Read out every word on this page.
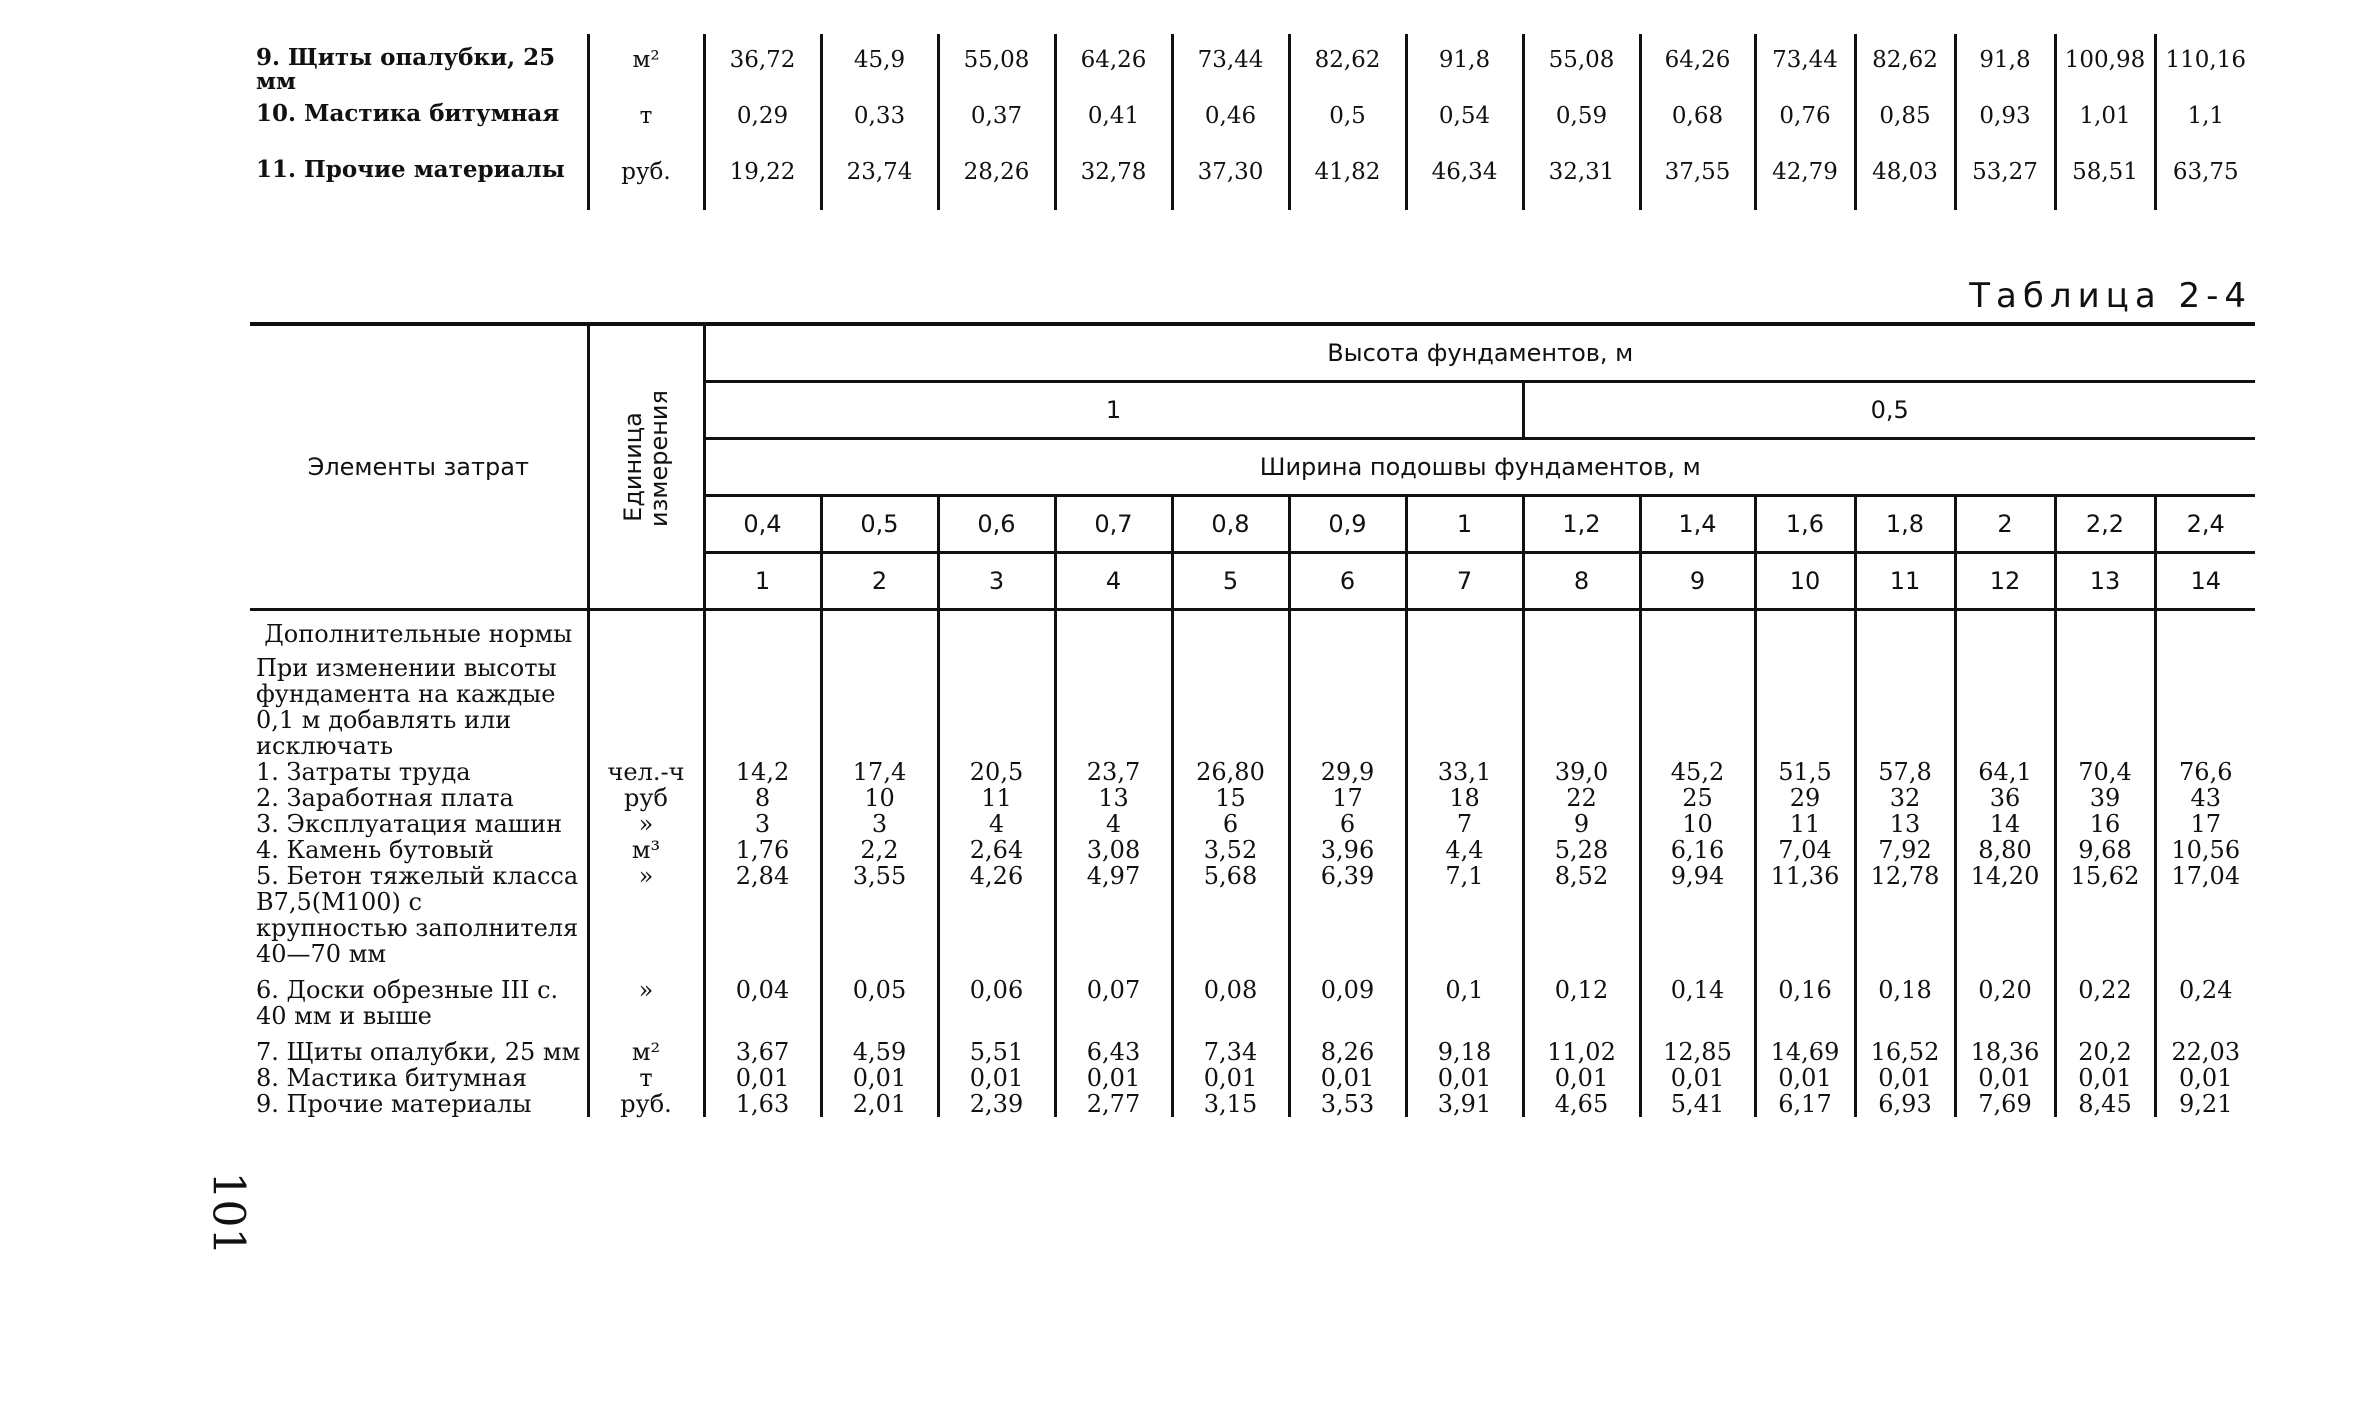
9. Щиты опалубки, 25 мм	м²	36,72	45,9	55,08	64,26	73,44	82,62	91,8	55,08	64,26	73,44	82,62	91,8	100,98	110,16
10. Мастика битумная	т	0,29	0,33	0,37	0,41	0,46	0,5	0,54	0,59	0,68	0,76	0,85	0,93	1,01	1,1
11. Прочие материалы	руб.	19,22	23,74	28,26	32,78	37,30	41,82	46,34	32,31	37,55	42,79	48,03	53,27	58,51	63,75
Таблица 2-4
Элементы затрат	Единица измерения	Высота фундаментов, м													
		1							0,5						
		Ширина подошвы фундаментов, м													
		0,4	0,5	0,6	0,7	0,8	0,9	1	1,2	1,4	1,6	1,8	2	2,2	2,4
		1	2	3	4	5	6	7	8	9	10	11	12	13	14

Дополнительные нормы															
При изменении высоты фундамента на каждые 0,1 м добавлять или исключать															
1. Затраты труда	чел.-ч	14,2	17,4	20,5	23,7	26,80	29,9	33,1	39,0	45,2	51,5	57,8	64,1	70,4	76,6
2. Заработная плата	руб	8	10	11	13	15	17	18	22	25	29	32	36	39	43
3. Эксплуатация машин	»	3	3	4	4	6	6	7	9	10	11	13	14	16	17
4. Камень бутовый	м³	1,76	2,2	2,64	3,08	3,52	3,96	4,4	5,28	6,16	7,04	7,92	8,80	9,68	10,56
5. Бетон тяжелый класса В7,5(М100) с крупностью заполнителя 40—70 мм	»	2,84	3,55	4,26	4,97	5,68	6,39	7,1	8,52	9,94	11,36	12,78	14,20	15,62	17,04
6. Доски обрезные III с. 40 мм и выше	»	0,04	0,05	0,06	0,07	0,08	0,09	0,1	0,12	0,14	0,16	0,18	0,20	0,22	0,24
7. Щиты опалубки, 25 мм	м²	3,67	4,59	5,51	6,43	7,34	8,26	9,18	11,02	12,85	14,69	16,52	18,36	20,2	22,03
8. Мастика битумная	т	0,01	0,01	0,01	0,01	0,01	0,01	0,01	0,01	0,01	0,01	0,01	0,01	0,01	0,01
9. Прочие материалы	руб.	1,63	2,01	2,39	2,77	3,15	3,53	3,91	4,65	5,41	6,17	6,93	7,69	8,45	9,21
101
